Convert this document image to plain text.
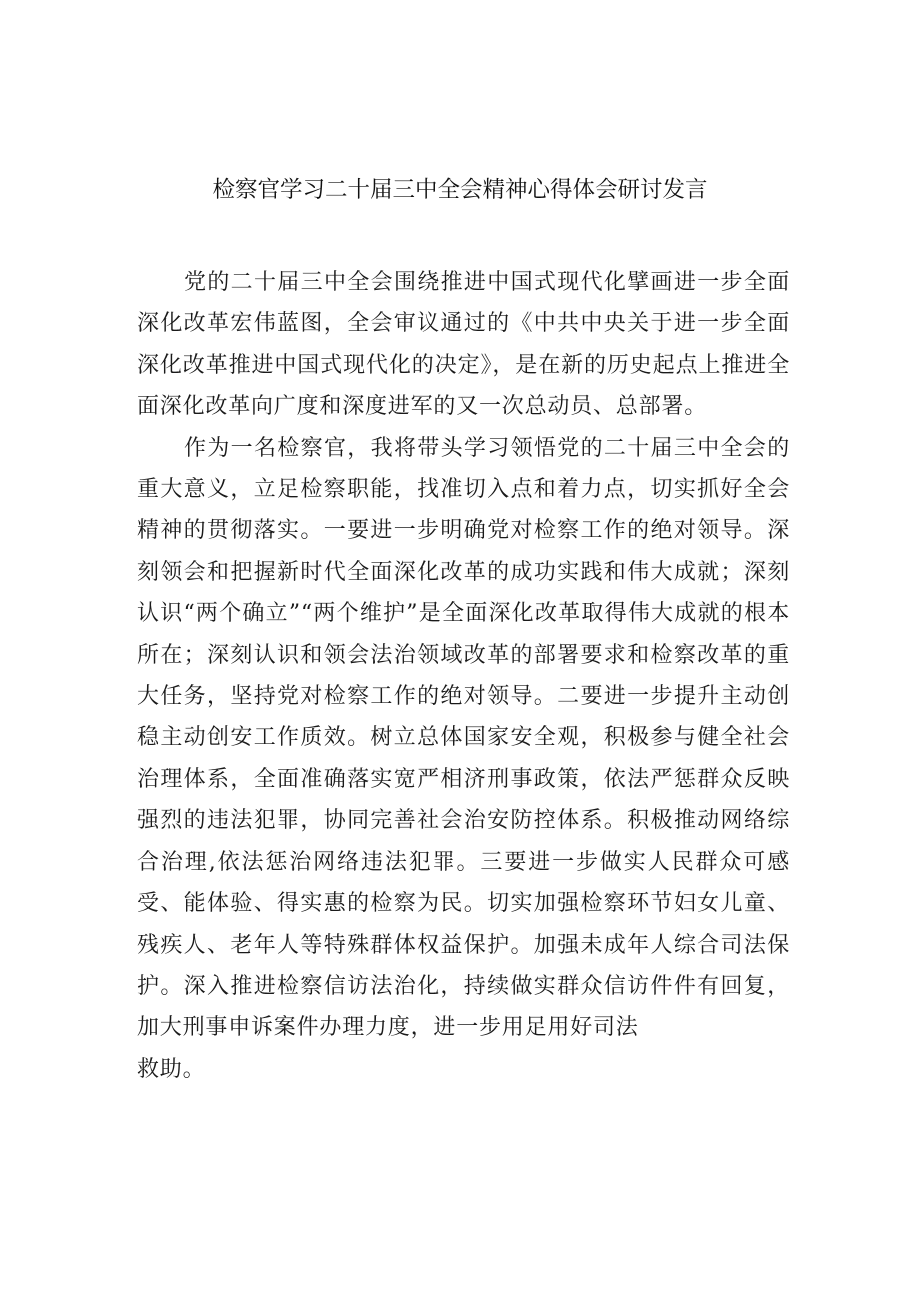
检察官学习二十届三中全会精神心得体会研讨发言

党的二十届三中全会围绕推进中国式现代化擘画进一步全面深化改革宏伟蓝图，全会审议通过的《中共中央关于进一步全面深化改革推进中国式现代化的决定》，是在新的历史起点上推进全面深化改革向广度和深度进军的又一次总动员、总部署。

作为一名检察官，我将带头学习领悟党的二十届三中全会的重大意义，立足检察职能，找准切入点和着力点，切实抓好全会精神的贯彻落实。一要进一步明确党对检察工作的绝对领导。深刻领会和把握新时代全面深化改革的成功实践和伟大成就；深刻认识“两个确立”“两个维护”是全面深化改革取得伟大成就的根本所在；深刻认识和领会法治领域改革的部署要求和检察改革的重大任务，坚持党对检察工作的绝对领导。二要进一步提升主动创稳主动创安工作质效。树立总体国家安全观，积极参与健全社会治理体系，全面准确落实宽严相济刑事政策，依法严惩群众反映强烈的违法犯罪，协同完善社会治安防控体系。积极推动网络综合治理,依法惩治网络违法犯罪。三要进一步做实人民群众可感受、能体验、得实惠的检察为民。切实加强检察环节妇女儿童、残疾人、老年人等特殊群体权益保护。加强未成年人综合司法保护。深入推进检察信访法治化，持续做实群众信访件件有回复，加大刑事申诉案件办理力度，进一步用足用好司法

救助。
